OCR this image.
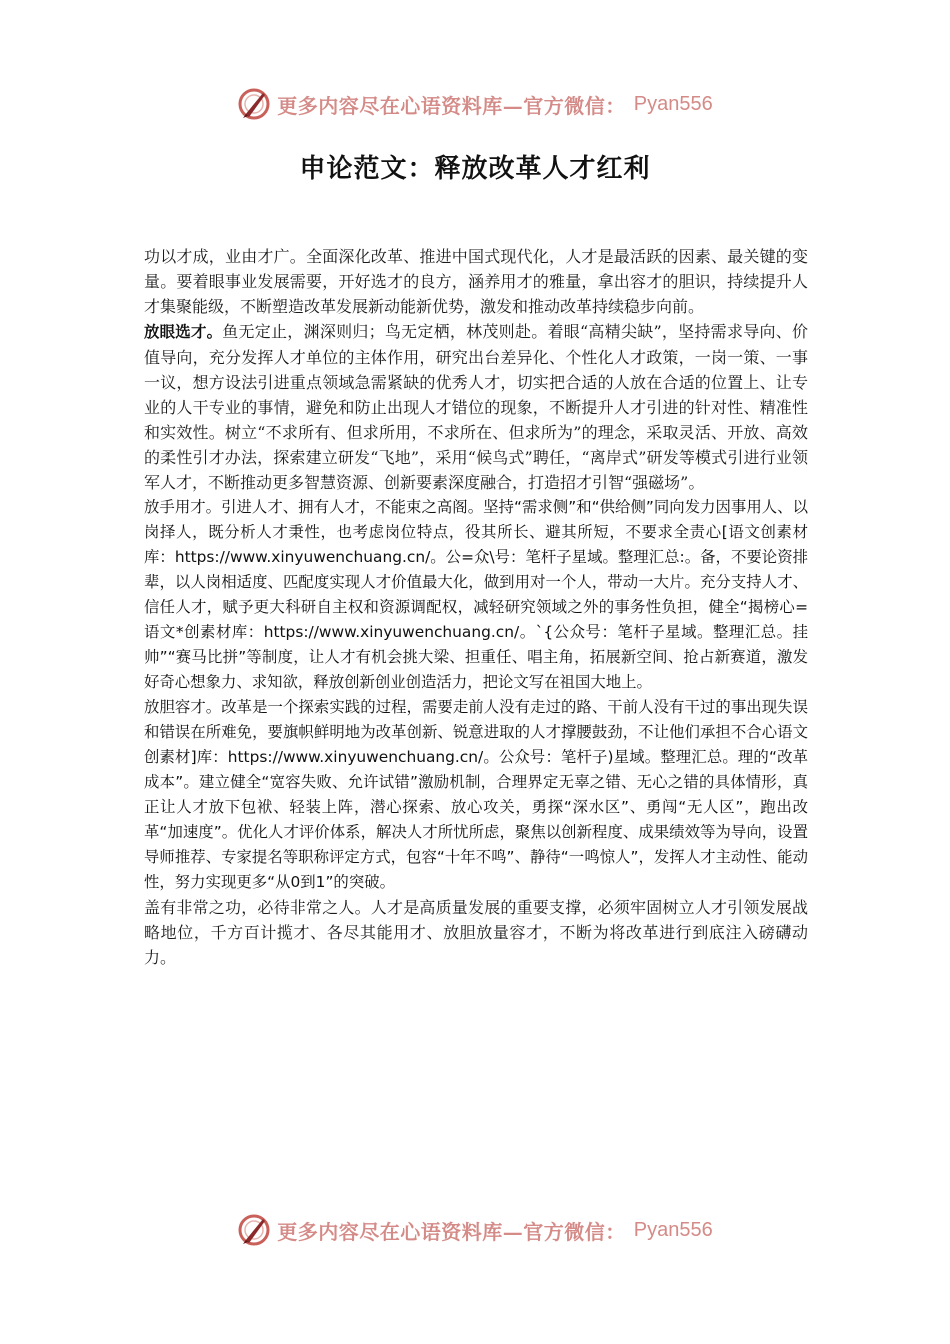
更多内容尽在心语资料库—官方微信： Pyan556
申论范文：释放改革人才红利

功以才成，业由才广。全面深化改革、推进中国式现代化，人才是最活跃的因素、最关键的变量。要着眼事业发展需要，开好选才的良方，涵养用才的雅量，拿出容才的胆识，持续提升人才集聚能级，不断塑造改革发展新动能新优势，激发和推动改革持续稳步向前。

放眼选才。鱼无定止，渊深则归；鸟无定栖，林茂则赴。着眼“高精尖缺”，坚持需求导向、价值导向，充分发挥人才单位的主体作用，研究出台差异化、个性化人才政策，一岗一策、一事一议，想方设法引进重点领域急需紧缺的优秀人才，切实把合适的人放在合适的位置上、让专业的人干专业的事情，避免和防止出现人才错位的现象，不断提升人才引进的针对性、精准性和实效性。树立“不求所有、但求所用，不求所在、但求所为”的理念，采取灵活、开放、高效的柔性引才办法，探索建立研发“飞地”，采用“候鸟式”聘任，“离岸式”研发等模式引进行业领军人才，不断推动更多智慧资源、创新要素深度融合，打造招才引智“强磁场”。

放手用才。引进人才、拥有人才，不能束之高阁。坚持“需求侧”和“供给侧”同向发力因事用人、以岗择人，既分析人才秉性，也考虑岗位特点，役其所长、避其所短，不要求全责心[语文创素材库：https://www.xinyuwenchuang.cn/。公=众\号：笔杆子星域。整理汇总:。备，不要论资排辈，以人岗相适度、匹配度实现人才价值最大化，做到用对一个人，带动一大片。充分支持人才、信任人才，赋予更大科研自主权和资源调配权，减轻研究领域之外的事务性负担，健全“揭榜心=语文*创素材库：https://www.xinyuwenchuang.cn/。`{公众号：笔杆子星域。整理汇总。挂帅”“赛马比拼”等制度，让人才有机会挑大梁、担重任、唱主角，拓展新空间、抢占新赛道，激发好奇心想象力、求知欲，释放创新创业创造活力，把论文写在祖国大地上。

放胆容才。改革是一个探索实践的过程，需要走前人没有走过的路、干前人没有干过的事出现失误和错误在所难免，要旗帜鲜明地为改革创新、锐意进取的人才撑腰鼓劲，不让他们承担不合心语文创素材]库：https://www.xinyuwenchuang.cn/。公众号：笔杆子)星域。整理汇总。理的“改革成本”。建立健全“宽容失败、允许试错”激励机制，合理界定无辜之错、无心之错的具体情形，真正让人才放下包袱、轻装上阵，潜心探索、放心攻关，勇探“深水区”、勇闯“无人区”，跑出改革“加速度”。优化人才评价体系，解决人才所忧所虑，聚焦以创新程度、成果绩效等为导向，设置导师推荐、专家提名等职称评定方式，包容“十年不鸣”、静待“一鸣惊人”，发挥人才主动性、能动性，努力实现更多“从0到1”的突破。

盖有非常之功，必待非常之人。人才是高质量发展的重要支撑，必须牢固树立人才引领发展战略地位，千方百计揽才、各尽其能用才、放胆放量容才，不断为将改革进行到底注入磅礴动力。

更多内容尽在心语资料库—官方微信： Pyan556
